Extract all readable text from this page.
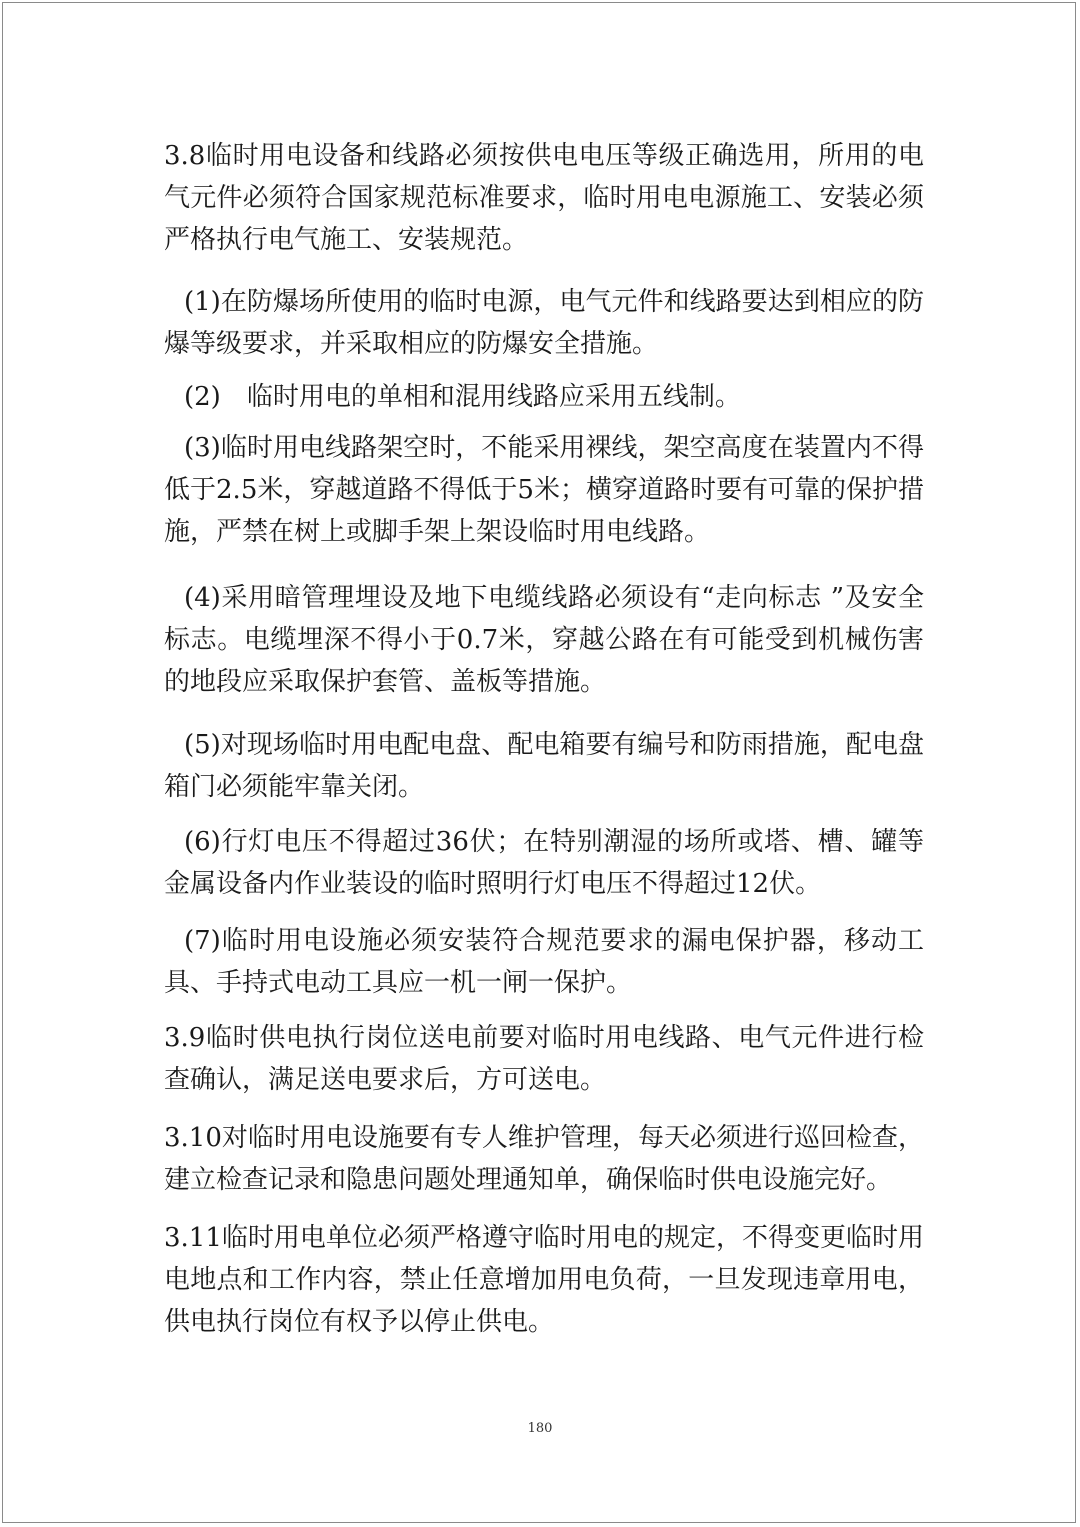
3.8临时用电设备和线路必须按供电电压等级正确选用，所用的电气元件必须符合国家规范标准要求，临时用电电源施工、安装必须严格执行电气施工、安装规范。

(1)在防爆场所使用的临时电源，电气元件和线路要达到相应的防爆等级要求，并采取相应的防爆安全措施。

(2)　临时用电的单相和混用线路应采用五线制。

(3)临时用电线路架空时，不能采用裸线，架空高度在装置内不得低于2.5米，穿越道路不得低于5米；横穿道路时要有可靠的保护措施，严禁在树上或脚手架上架设临时用电线路。

(4)采用暗管理埋设及地下电缆线路必须设有“走向标志 ”及安全标志。电缆埋深不得小于0.7米，穿越公路在有可能受到机械伤害的地段应采取保护套管、盖板等措施。

(5)对现场临时用电配电盘、配电箱要有编号和防雨措施，配电盘箱门必须能牢靠关闭。

(6)行灯电压不得超过36伏；在特别潮湿的场所或塔、槽、罐等金属设备内作业装设的临时照明行灯电压不得超过12伏。

(7)临时用电设施必须安装符合规范要求的漏电保护器，移动工具、手持式电动工具应一机一闸一保护。

3.9临时供电执行岗位送电前要对临时用电线路、电气元件进行检查确认，满足送电要求后，方可送电。

3.10对临时用电设施要有专人维护管理，每天必须进行巡回检查，建立检查记录和隐患问题处理通知单，确保临时供电设施完好。

3.11临时用电单位必须严格遵守临时用电的规定，不得变更临时用电地点和工作内容，禁止任意增加用电负荷，一旦发现违章用电，供电执行岗位有权予以停止供电。

180
